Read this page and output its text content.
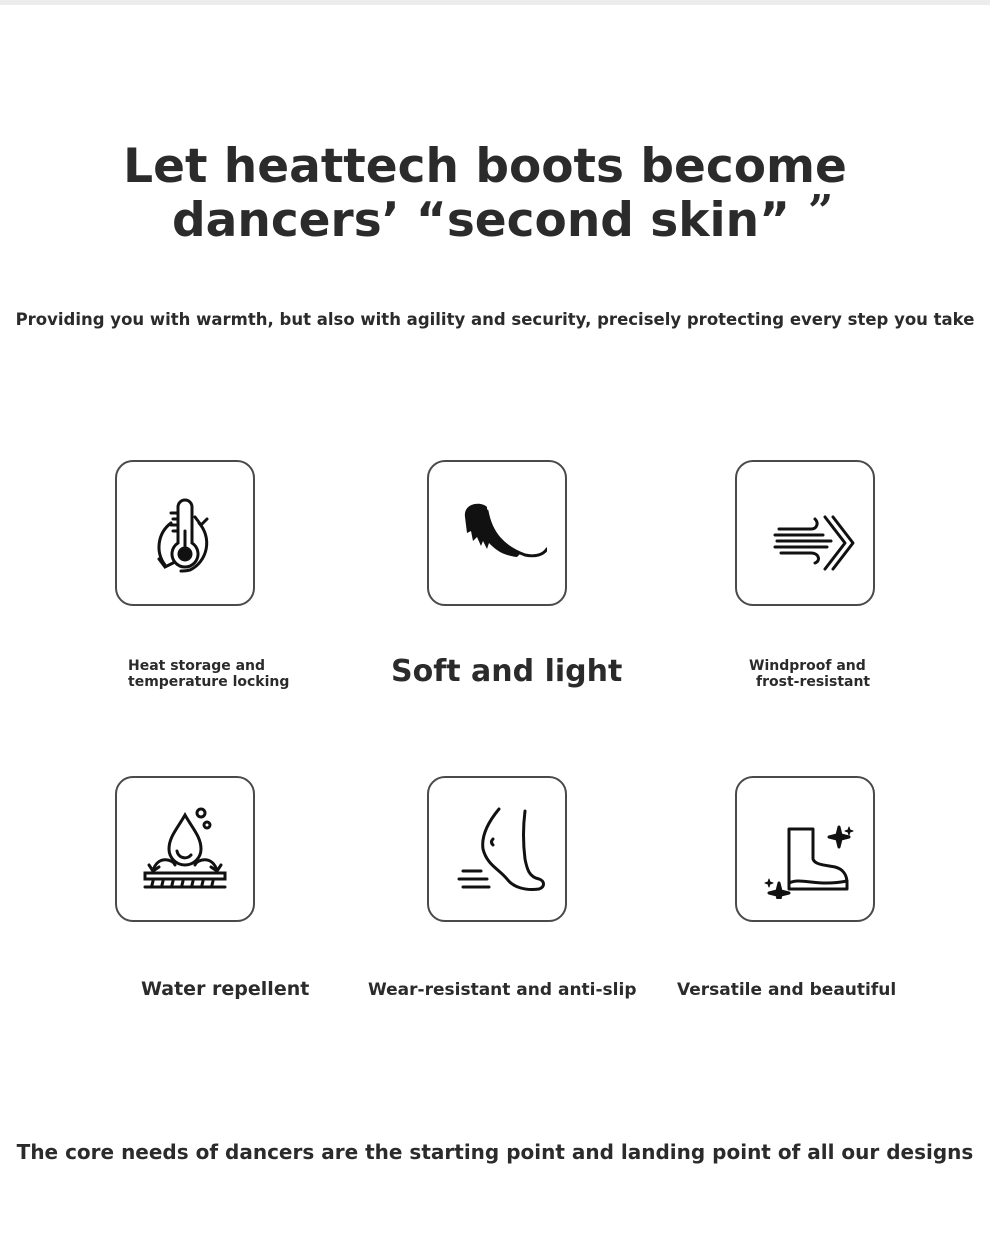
Let heattech boots become
dancers’ “second skin” ”
Providing you with warmth, but also with agility and security, precisely protecting every step you take
Heat storage and
temperature locking	Soft and light	Windproof and
frost-resistant
Water repellent	Wear-resistant and anti-slip Versatile and beautiful
The core needs of dancers are the starting point and landing point of all our designs
